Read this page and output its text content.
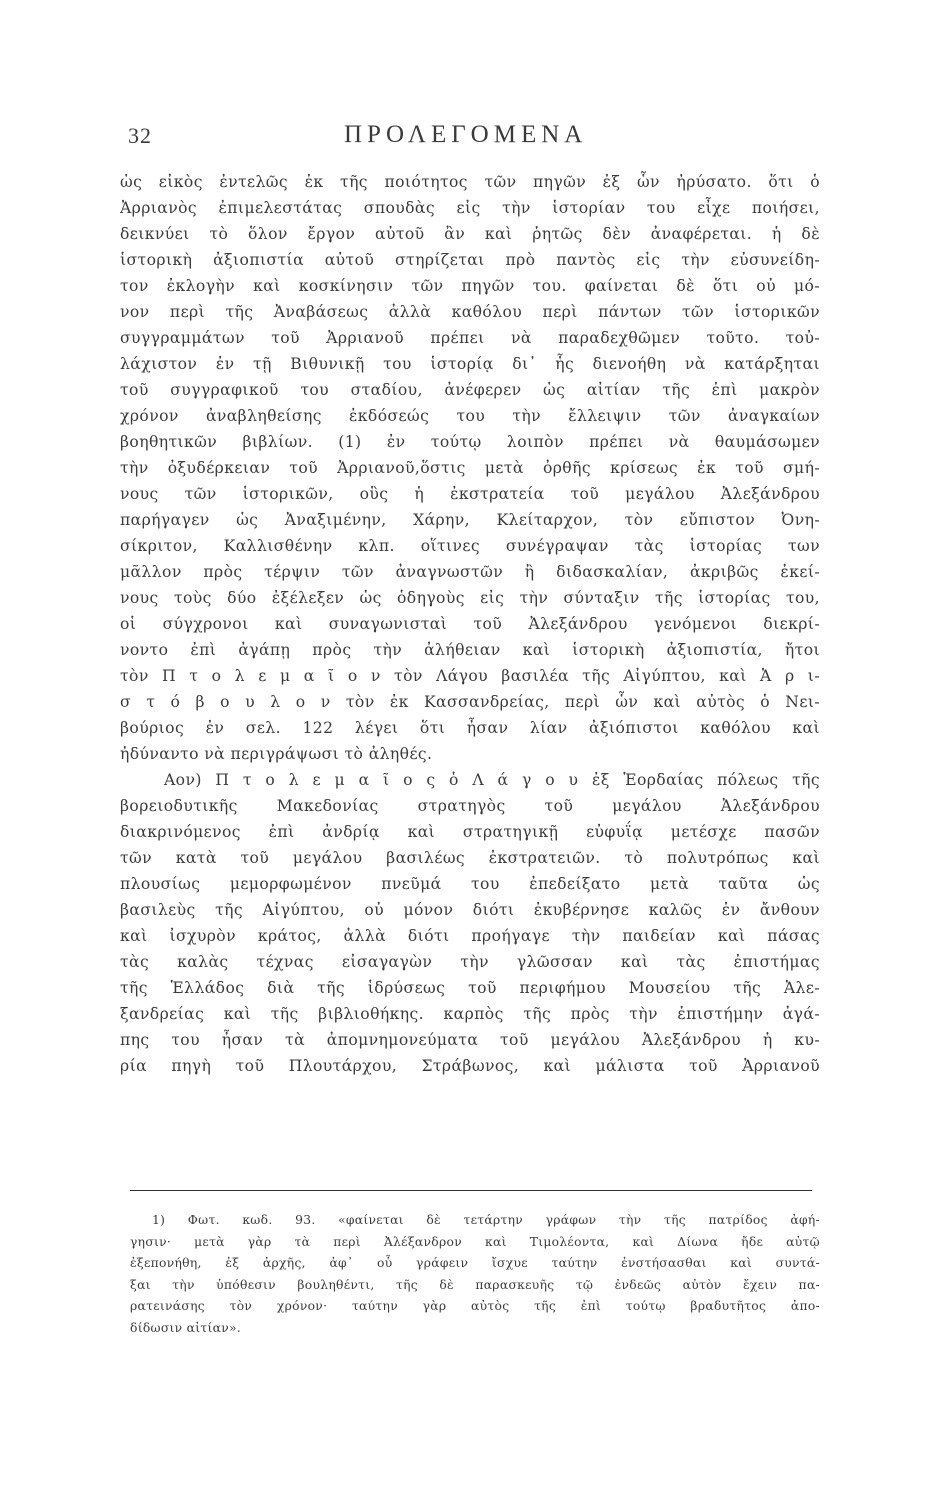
32	ΠΡΟΛΕΓΟΜΕΝΑ
ὡς εἰκὸς ἐντελῶς ἐκ τῆς ποιότητος τῶν πηγῶν ἐξ ὧν ἠρύσατο. ὅτι ὁ
Ἀρριανὸς ἐπιμελεστάτας σπουδὰς εἰς τὴν ἱστορίαν του εἶχε ποιήσει,
δεικνύει τὸ ὅλον ἔργον αὐτοῦ ἂν καὶ ῥητῶς δὲν ἀναφέρεται. ἡ δὲ
ἱστορικὴ ἀξιοπιστία αὐτοῦ στηρίζεται πρὸ παντὸς εἰς τὴν εὐσυνείδη-
τον ἐκλογὴν καὶ κοσκίνησιν τῶν πηγῶν του. φαίνεται δὲ ὅτι οὐ μό-
νον περὶ τῆς Ἀναβάσεως ἀλλὰ καθόλου περὶ πάντων τῶν ἱστορικῶν
συγγραμμάτων τοῦ Ἀρριανοῦ πρέπει νὰ παραδεχθῶμεν τοῦτο. τοὐ-
λάχιστον ἐν τῇ Βιθυνικῇ του ἱστορίᾳ δι᾽ ἧς διενοήθη νὰ κατάρξηται
τοῦ συγγραφικοῦ του σταδίου, ἀνέφερεν ὡς αἰτίαν τῆς ἐπὶ μακρὸν
χρόνον ἀναβληθείσης ἐκδόσεώς του τὴν ἔλλειψιν τῶν ἀναγκαίων
βοηθητικῶν βιβλίων. (1) ἐν τούτῳ λοιπὸν πρέπει νὰ θαυμάσωμεν
τὴν ὀξυδέρκειαν τοῦ Ἀρριανοῦ,ὅστις μετὰ ὀρθῆς κρίσεως ἐκ τοῦ σμή-
νους τῶν ἱστορικῶν, οὓς ἡ ἐκστρατεία τοῦ μεγάλου Ἀλεξάνδρου
παρήγαγεν ὡς Ἀναξιμένην, Χάρην, Κλείταρχον, τὸν εὔπιστον Ὀνη-
σίκριτον, Καλλισθένην κλπ. οἵτινες συνέγραψαν τὰς ἱστορίας των
μᾶλλον πρὸς τέρψιν τῶν ἀναγνωστῶν ἢ διδασκαλίαν, ἀκριβῶς ἐκεί-
νους τοὺς δύο ἐξέλεξεν ὡς ὁδηγοὺς εἰς τὴν σύνταξιν τῆς ἱστορίας του,
οἱ σύγχρονοι καὶ συναγωνισταὶ τοῦ Ἀλεξάνδρου γενόμενοι διεκρί-
νοντο ἐπὶ ἀγάπῃ πρὸς τὴν ἀλήθειαν καὶ ἱστορικὴ ἀξιοπιστία, ἤτοι
τὸν Π τ ο λ ε μ α ῖ ο ν τὸν Λάγου βασιλέα τῆς Αἰγύπτου, καὶ Ἀ ρ ι-
σ τ ό β ο υ λ ο ν τὸν ἐκ Κασσανδρείας, περὶ ὧν καὶ αὐτὸς ὁ Νει-
βούριος ἐν σελ. 122 λέγει ὅτι ἦσαν λίαν ἀξιόπιστοι καθόλου καὶ
ἠδύναντο νὰ περιγράψωσι τὸ ἀληθές.
Αον) Π τ ο λ ε μ α ῖ ο ς ὁ Λ ά γ ο υ ἐξ Ἐορδαίας πόλεως τῆς
βορειοδυτικῆς Μακεδονίας στρατηγὸς τοῦ μεγάλου Ἀλεξάνδρου
διακρινόμενος ἐπὶ ἀνδρίᾳ καὶ στρατηγικῇ εὐφυΐᾳ μετέσχε πασῶν
τῶν κατὰ τοῦ μεγάλου βασιλέως ἐκστρατειῶν. τὸ πολυτρόπως καὶ
πλουσίως μεμορφωμένον πνεῦμά του ἐπεδείξατο μετὰ ταῦτα ὡς
βασιλεὺς τῆς Αἰγύπτου, οὐ μόνον διότι ἐκυβέρνησε καλῶς ἐν ἄνθουν
καὶ ἰσχυρὸν κράτος, ἀλλὰ διότι προήγαγε τὴν παιδείαν καὶ πάσας
τὰς καλὰς τέχνας εἰσαγαγὼν τὴν γλῶσσαν καὶ τὰς ἐπιστήμας
τῆς Ἑλλάδος διὰ τῆς ἱδρύσεως τοῦ περιφήμου Μουσείου τῆς Ἀλε-
ξανδρείας καὶ τῆς βιβλιοθήκης. καρπὸς τῆς πρὸς τὴν ἐπιστήμην ἀγά-
πης του ἦσαν τὰ ἀπομνημονεύματα τοῦ μεγάλου Ἀλεξάνδρου ἡ κυ-
ρία πηγὴ τοῦ Πλουτάρχου, Στράβωνος, καὶ μάλιστα τοῦ Ἀρριανοῦ
1) Φωτ. κωδ. 93. «φαίνεται δὲ τετάρτην γράφων τὴν τῆς πατρίδος ἀφή-
γησιν· μετὰ γὰρ τὰ περὶ Ἀλέξανδρον καὶ Τιμολέοντα, καὶ Δίωνα ἤδε αὐτῷ
ἐξεπονήθη, ἐξ ἀρχῆς, ἀφ᾽ οὗ γράφειν ἴσχυε ταύτην ἐνστήσασθαι καὶ συντά-
ξαι τὴν ὑπόθεσιν βουληθέντι, τῆς δὲ παρασκευῆς τῷ ἐνδεῶς αὐτὸν ἔχειν πα-
ρατεινάσης τὸν χρόνον· ταύτην γὰρ αὐτὸς τῆς ἐπὶ τούτῳ βραδυτῆτος ἀπο-
δίδωσιν αἰτίαν».
